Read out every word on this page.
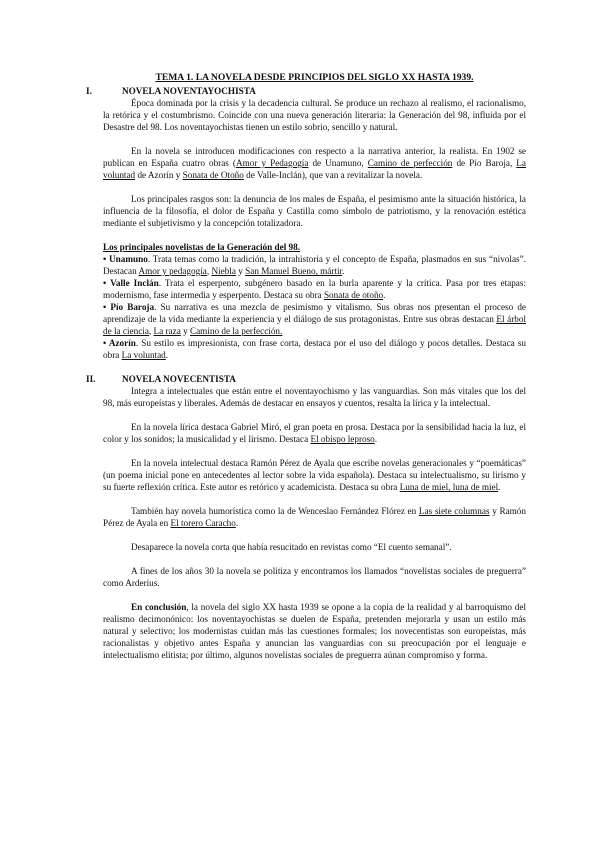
TEMA 1. LA NOVELA DESDE PRINCIPIOS DEL SIGLO XX HASTA 1939.

I.	NOVELA NOVENTAYOCHISTA

Época dominada por la crisis y la decadencia cultural. Se produce un rechazo al realismo, el racionalismo, la retórica y el costumbrismo. Coincide con una nueva generación literaria: la Generación del 98, influida por el Desastre del 98. Los noventayochistas tienen un estilo sobrio, sencillo y natural.

En la novela se introducen modificaciones con respecto a la narrativa anterior, la realista. En 1902 se publican en España cuatro obras (Amor y Pedagogía de Unamuno, Camino de perfección de Pío Baroja, La voluntad de Azorín y Sonata de Otoño de Valle-Inclán), que van a revitalizar la novela.

Los principales rasgos son: la denuncia de los males de España, el pesimismo ante la situación histórica, la influencia de la filosofía, el dolor de España y Castilla como símbolo de patriotismo, y la renovación estética mediante el subjetivismo y la concepción totalizadora.

Los principales novelistas de la Generación del 98.

• Unamuno. Trata temas como la tradición, la intrahistoria y el concepto de España, plasmados en sus “nivolas”. Destacan Amor y pedagogía, Niebla y San Manuel Bueno, mártir.

• Valle Inclán. Trata el esperpento, subgénero basado en la burla aparente y la crítica. Pasa por tres etapas: modernismo, fase intermedia y esperpento. Destaca su obra Sonata de otoño.

• Pío Baroja. Su narrativa es una mezcla de pesimismo y vitalismo. Sus obras nos presentan el proceso de aprendizaje de la vida mediante la experiencia y el diálogo de sus protagonistas. Entre sus obras destacan El árbol de la ciencia, La raza y Camino de la perfección.

• Azorín. Su estilo es impresionista, con frase corta, destaca por el uso del diálogo y pocos detalles. Destaca su obra La voluntad.

II.	NOVELA NOVECENTISTA

Integra a intelectuales que están entre el noventayochismo y las vanguardias. Son más vitales que los del 98, más europeístas y liberales. Además de destacar en ensayos y cuentos, resalta la lírica y la intelectual.

En la novela lírica destaca Gabriel Miró, el gran poeta en prosa. Destaca por la sensibilidad hacia la luz, el color y los sonidos; la musicalidad y el lirismo. Destaca El obispo leproso.

En la novela intelectual destaca Ramón Pérez de Ayala que escribe novelas generacionales y “poemáticas” (un poema inicial pone en antecedentes al lector sobre la vida española). Destaca su intelectualismo, su lirismo y su fuerte reflexión crítica. Este autor es retórico y academicista. Destaca su obra Luna de miel, luna de miel.

También hay novela humorística como la de Wenceslao Fernández Flórez en Las siete columnas y Ramón Pérez de Ayala en El torero Caracho.

Desaparece la novela corta que había resucitado en revistas como “El cuento semanal”.

A fines de los años 30 la novela se politiza y encontramos los llamados “novelistas sociales de preguerra” como Arderíus.

En conclusión, la novela del siglo XX hasta 1939 se opone a la copia de la realidad y al barroquismo del realismo decimonónico: los noventayochistas se duelen de España, pretenden mejorarla y usan un estilo más natural y selectivo; los modernistas cuidan más las cuestiones formales; los novecentistas son europeístas, más racionalistas y objetivo antes España y anuncian las vanguardias con su preocupación por el lenguaje e intelectualismo elitista; por último, algunos novelistas sociales de preguerra aúnan compromiso y forma.
